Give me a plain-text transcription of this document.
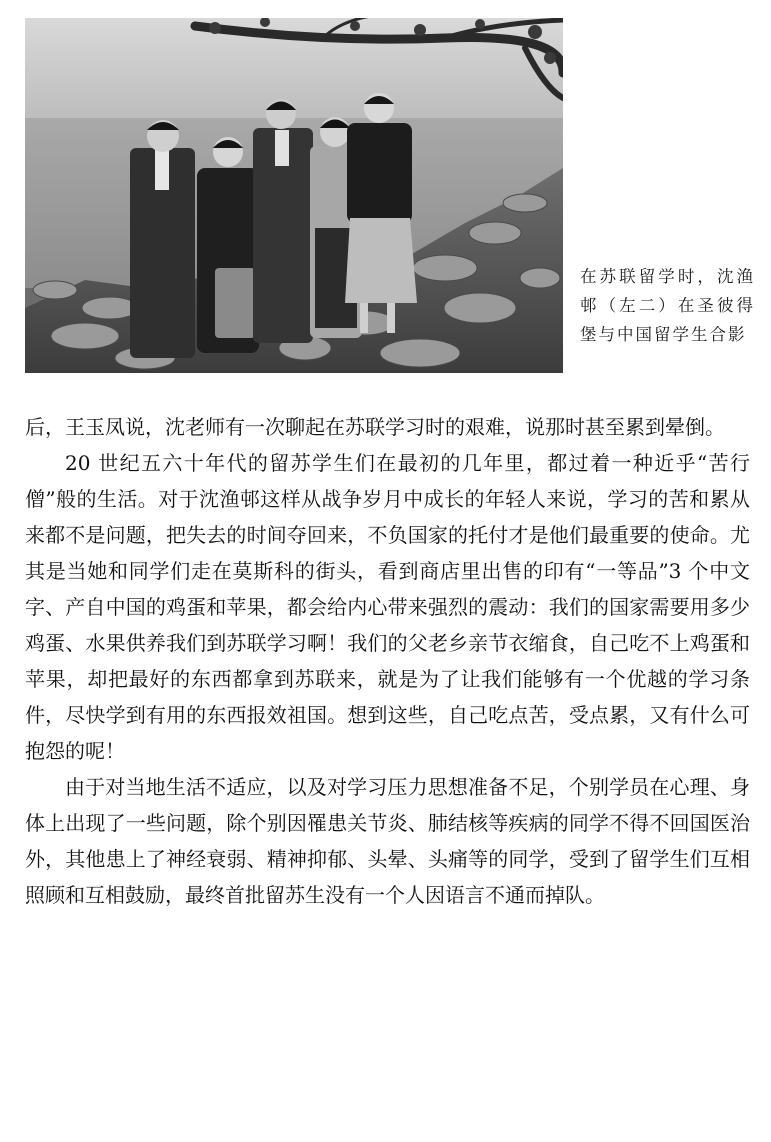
在苏联留学时，沈渔邨（左二）在圣彼得堡与中国留学生合影

后，王玉凤说，沈老师有一次聊起在苏联学习时的艰难，说那时甚至累到晕倒。

20 世纪五六十年代的留苏学生们在最初的几年里，都过着一种近乎“苦行僧”般的生活。对于沈渔邨这样从战争岁月中成长的年轻人来说，学习的苦和累从来都不是问题，把失去的时间夺回来，不负国家的托付才是他们最重要的使命。尤其是当她和同学们走在莫斯科的街头，看到商店里出售的印有“一等品”3 个中文字、产自中国的鸡蛋和苹果，都会给内心带来强烈的震动：我们的国家需要用多少鸡蛋、水果供养我们到苏联学习啊！我们的父老乡亲节衣缩食，自己吃不上鸡蛋和苹果，却把最好的东西都拿到苏联来，就是为了让我们能够有一个优越的学习条件，尽快学到有用的东西报效祖国。想到这些，自己吃点苦，受点累，又有什么可抱怨的呢！

由于对当地生活不适应，以及对学习压力思想准备不足，个别学员在心理、身体上出现了一些问题，除个别因罹患关节炎、肺结核等疾病的同学不得不回国医治外，其他患上了神经衰弱、精神抑郁、头晕、头痛等的同学，受到了留学生们互相照顾和互相鼓励，最终首批留苏生没有一个人因语言不通而掉队。
